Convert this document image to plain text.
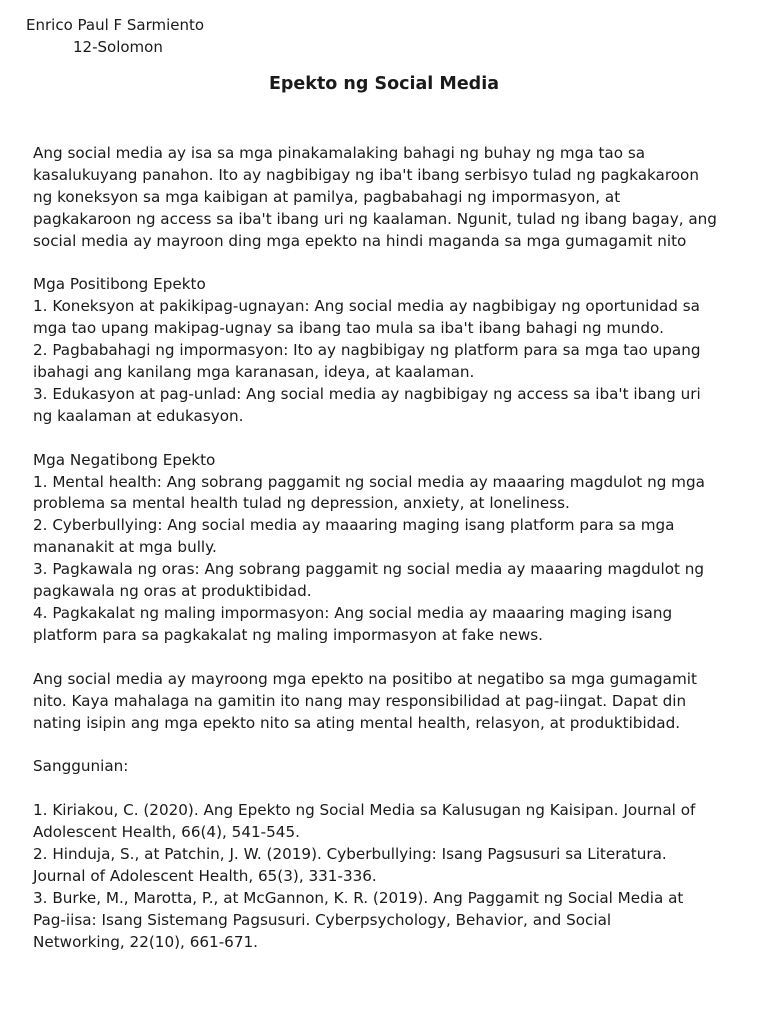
Enrico Paul F Sarmiento
12-Solomon
Epekto ng Social Media

Ang social media ay isa sa mga pinakamalaking bahagi ng buhay ng mga tao sa

kasalukuyang panahon. Ito ay nagbibigay ng iba't ibang serbisyo tulad ng pagkakaroon

ng koneksyon sa mga kaibigan at pamilya, pagbabahagi ng impormasyon, at

pagkakaroon ng access sa iba't ibang uri ng kaalaman. Ngunit, tulad ng ibang bagay, ang

social media ay mayroon ding mga epekto na hindi maganda sa mga gumagamit nito

Mga Positibong Epekto

1. Koneksyon at pakikipag-ugnayan: Ang social media ay nagbibigay ng oportunidad sa

mga tao upang makipag-ugnay sa ibang tao mula sa iba't ibang bahagi ng mundo.

2. Pagbabahagi ng impormasyon: Ito ay nagbibigay ng platform para sa mga tao upang

ibahagi ang kanilang mga karanasan, ideya, at kaalaman.

3. Edukasyon at pag-unlad: Ang social media ay nagbibigay ng access sa iba't ibang uri

ng kaalaman at edukasyon.

Mga Negatibong Epekto

1. Mental health: Ang sobrang paggamit ng social media ay maaaring magdulot ng mga

problema sa mental health tulad ng depression, anxiety, at loneliness.

2. Cyberbullying: Ang social media ay maaaring maging isang platform para sa mga

mananakit at mga bully.

3. Pagkawala ng oras: Ang sobrang paggamit ng social media ay maaaring magdulot ng

pagkawala ng oras at produktibidad.

4. Pagkakalat ng maling impormasyon: Ang social media ay maaaring maging isang

platform para sa pagkakalat ng maling impormasyon at fake news.

Ang social media ay mayroong mga epekto na positibo at negatibo sa mga gumagamit

nito. Kaya mahalaga na gamitin ito nang may responsibilidad at pag-iingat. Dapat din

nating isipin ang mga epekto nito sa ating mental health, relasyon, at produktibidad.

Sanggunian:

1. Kiriakou, C. (2020). Ang Epekto ng Social Media sa Kalusugan ng Kaisipan. Journal of

Adolescent Health, 66(4), 541-545.

2. Hinduja, S., at Patchin, J. W. (2019). Cyberbullying: Isang Pagsusuri sa Literatura.

Journal of Adolescent Health, 65(3), 331-336.

3. Burke, M., Marotta, P., at McGannon, K. R. (2019). Ang Paggamit ng Social Media at

Pag-iisa: Isang Sistemang Pagsusuri. Cyberpsychology, Behavior, and Social

Networking, 22(10), 661-671.
